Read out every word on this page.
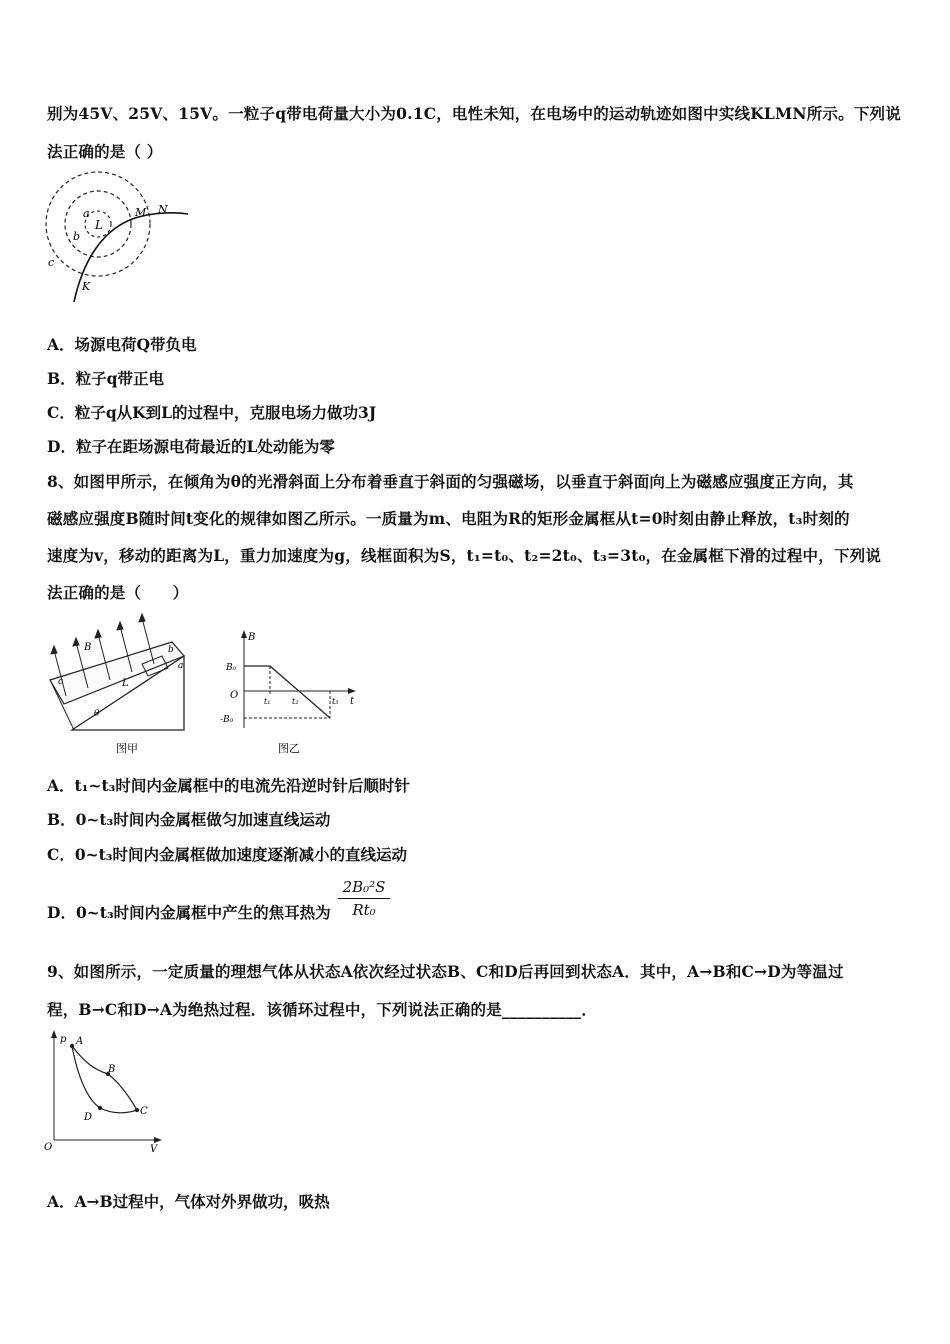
别为45V、25V、15V。一粒子q带电荷量大小为0.1C，电性未知，在电场中的运动轨迹如图中实线KLMN所示。下列说
法正确的是（ ）
a
L
b
c
M N
K
A．场源电荷Q带负电
B．粒子q带正电
C．粒子q从K到L的过程中，克服电场力做功3J
D．粒子在距场源电荷最近的L处动能为零
8、如图甲所示，在倾角为θ的光滑斜面上分布着垂直于斜面的匀强磁场，以垂直于斜面向上为磁感应强度正方向，其
磁感应强度B随时间t变化的规律如图乙所示。一质量为m、电阻为R的矩形金属框从t=0时刻由静止释放，t₃时刻的
速度为v，移动的距离为L，重力加速度为g，线框面积为S，t₁=t₀、t₂=2t₀、t₃=3t₀，在金属框下滑的过程中，下列说
法正确的是（　　）
B
L
a
b
θ
c
图甲
B
B₀
O
-B₀
t
t₁	t₂	t₃
图乙
A．t₁~t₃时间内金属框中的电流先沿逆时针后顺时针
B．0~t₃时间内金属框做匀加速直线运动
C．0~t₃时间内金属框做加速度逐渐减小的直线运动
D．0~t₃时间内金属框中产生的焦耳热为 $\frac{\text{2B₀²S}}{\text{Rt₀}}$
9、如图所示，一定质量的理想气体从状态A依次经过状态B、C和D后再回到状态A．其中，A→B和C→D为等温过
程，B→C和D→A为绝热过程．该循环过程中，下列说法正确的是__________．
p
V
O
A
B
C
D
A．A→B过程中，气体对外界做功，吸热
